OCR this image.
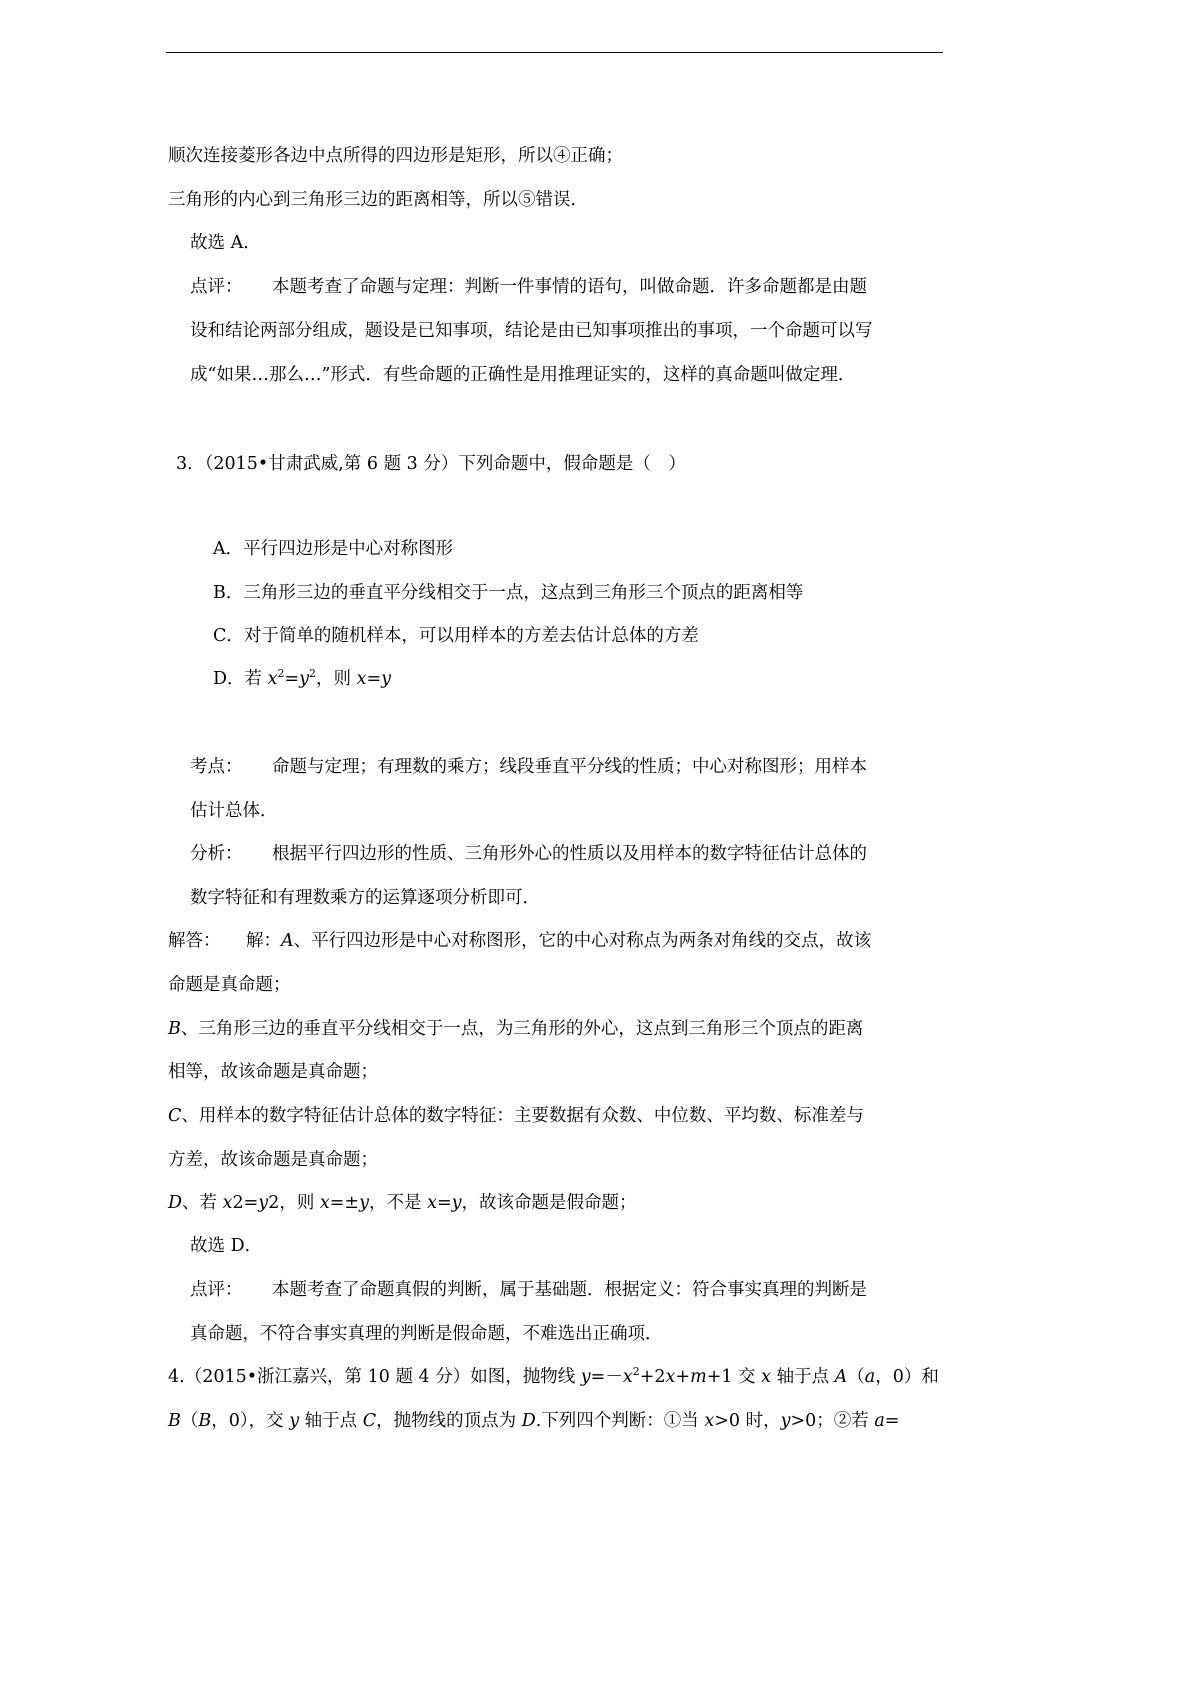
顺次连接菱形各边中点所得的四边形是矩形，所以④正确；
三角形的内心到三角形三边的距离相等，所以⑤错误．
故选 A．
点评： 本题考查了命题与定理：判断一件事情的语句，叫做命题．许多命题都是由题
设和结论两部分组成，题设是已知事项，结论是由已知事项推出的事项，一个命题可以写
成“如果…那么…”形式．有些命题的正确性是用推理证实的，这样的真命题叫做定理．
3．（2015•甘肃武威,第 6 题 3 分）下列命题中，假命题是（　）
A．平行四边形是中心对称图形
B．三角形三边的垂直平分线相交于一点，这点到三角形三个顶点的距离相等
C．对于简单的随机样本，可以用样本的方差去估计总体的方差
D．若 $x^2=y^2$，则 x=y
考点： 命题与定理；有理数的乘方；线段垂直平分线的性质；中心对称图形；用样本
估计总体．
分析： 根据平行四边形的性质、三角形外心的性质以及用样本的数字特征估计总体的
数字特征和有理数乘方的运算逐项分析即可．
解答： 解：A、平行四边形是中心对称图形，它的中心对称点为两条对角线的交点，故该
命题是真命题；
B、三角形三边的垂直平分线相交于一点，为三角形的外心，这点到三角形三个顶点的距离
相等，故该命题是真命题；
C、用样本的数字特征估计总体的数字特征：主要数据有众数、中位数、平均数、标准差与
方差，故该命题是真命题；
D、若 x2=y2，则 x=±y，不是 x=y，故该命题是假命题；
故选 D．
点评： 本题考查了命题真假的判断，属于基础题．根据定义：符合事实真理的判断是
真命题，不符合事实真理的判断是假命题，不难选出正确项．
4.（2015•浙江嘉兴，第 10 题 4 分）如图，抛物线 $y=-x^2+2x+m+1$ 交 x 轴于点 A（a，0）和
B（B，0），交 y 轴于点 C，抛物线的顶点为 D.下列四个判断：①当 x>0 时，y>0；②若 a=
